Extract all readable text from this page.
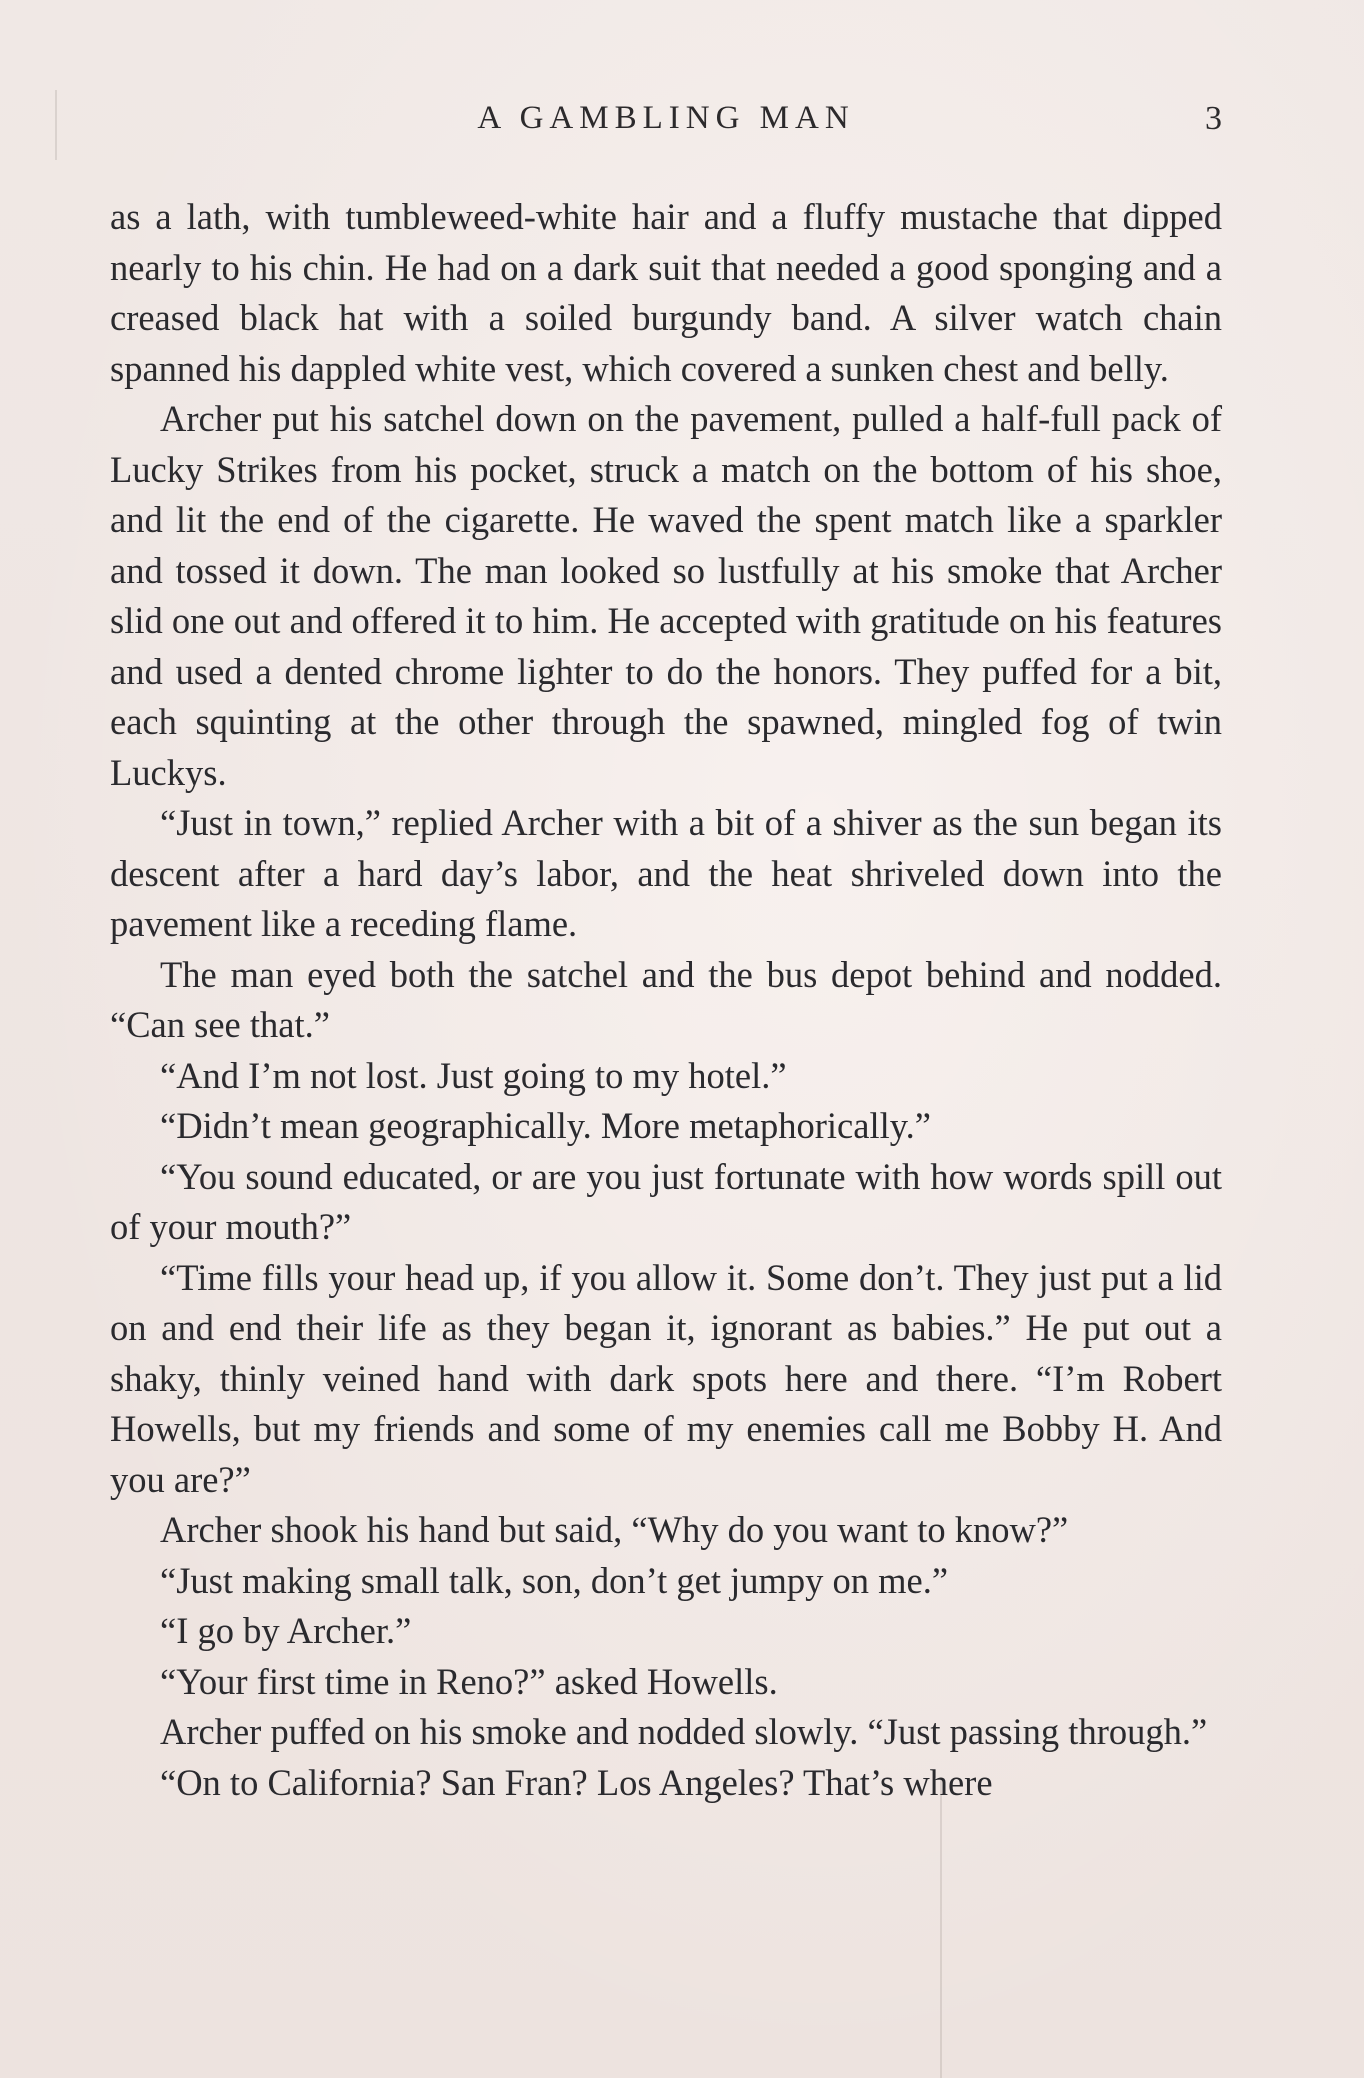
A GAMBLING MAN	3

as a lath, with tumbleweed-white hair and a fluffy mustache that dipped nearly to his chin. He had on a dark suit that needed a good sponging and a creased black hat with a soiled burgundy band. A silver watch chain spanned his dappled white vest, which covered a sunken chest and belly.

Archer put his satchel down on the pavement, pulled a half-full pack of Lucky Strikes from his pocket, struck a match on the bottom of his shoe, and lit the end of the cigarette. He waved the spent match like a sparkler and tossed it down. The man looked so lustfully at his smoke that Archer slid one out and offered it to him. He accepted with gratitude on his features and used a dented chrome lighter to do the honors. They puffed for a bit, each squinting at the other through the spawned, mingled fog of twin Luckys.

“Just in town,” replied Archer with a bit of a shiver as the sun began its descent after a hard day’s labor, and the heat shriveled down into the pavement like a receding flame.

The man eyed both the satchel and the bus depot behind and nodded. “Can see that.”

“And I’m not lost. Just going to my hotel.”

“Didn’t mean geographically. More metaphorically.”

“You sound educated, or are you just fortunate with how words spill out of your mouth?”

“Time fills your head up, if you allow it. Some don’t. They just put a lid on and end their life as they began it, ignorant as babies.” He put out a shaky, thinly veined hand with dark spots here and there. “I’m Robert Howells, but my friends and some of my enemies call me Bobby H. And you are?”

Archer shook his hand but said, “Why do you want to know?”

“Just making small talk, son, don’t get jumpy on me.”

“I go by Archer.”

“Your first time in Reno?” asked Howells.

Archer puffed on his smoke and nodded slowly. “Just passing through.”

“On to California? San Fran? Los Angeles? That’s where
